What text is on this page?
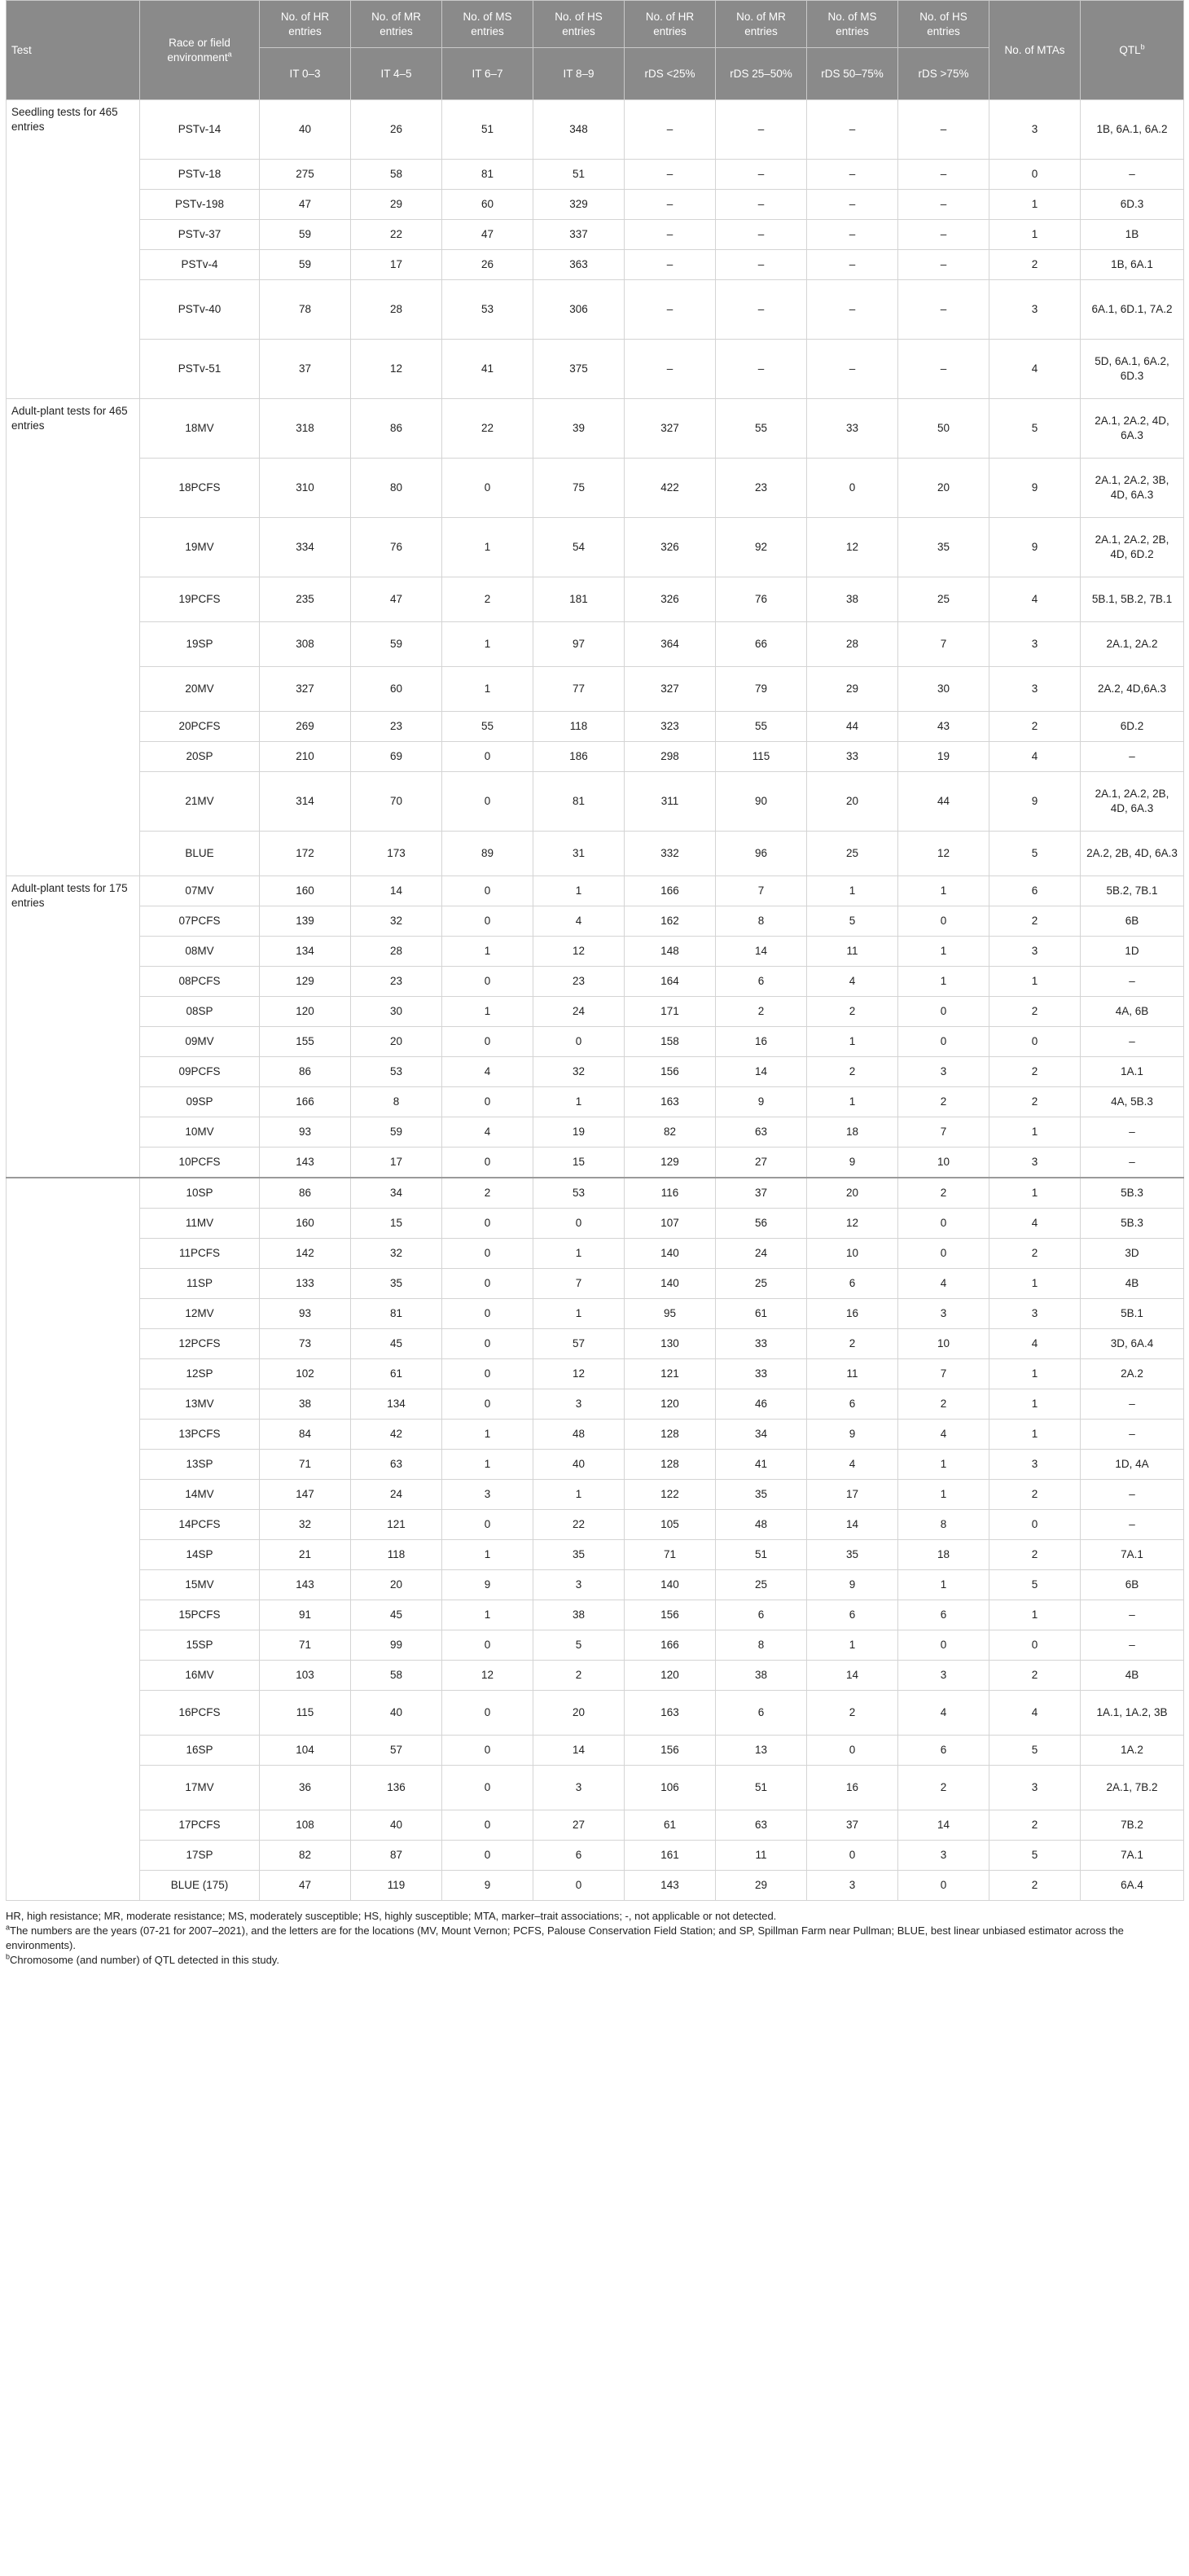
Test	Race or field environment$^a$	No. of HR entries	No. of MR entries	No. of MS entries	No. of HS entries	No. of HR entries	No. of MR entries	No. of MS entries	No. of HS entries	No. of MTAs	QTL$^b$
		IT 0–3	IT 4–5	IT 6–7	IT 8–9	rDS <25%	rDS 25–50%	rDS 50–75%	rDS >75%		
Seedling tests for 465 entries	PSTv-14	40	26	51	348	–	–	–	–	3	1B, 6A.1, 6A.2
	PSTv-18	275	58	81	51	–	–	–	–	0	–
	PSTv-198	47	29	60	329	–	–	–	–	1	6D.3
	PSTv-37	59	22	47	337	–	–	–	–	1	1B
	PSTv-4	59	17	26	363	–	–	–	–	2	1B, 6A.1
	PSTv-40	78	28	53	306	–	–	–	–	3	6A.1, 6D.1, 7A.2
	PSTv-51	37	12	41	375	–	–	–	–	4	5D, 6A.1, 6A.2, 6D.3
Adult-plant tests for 465 entries	18MV	318	86	22	39	327	55	33	50	5	2A.1, 2A.2, 4D, 6A.3
	18PCFS	310	80	0	75	422	23	0	20	9	2A.1, 2A.2, 3B, 4D, 6A.3
	19MV	334	76	1	54	326	92	12	35	9	2A.1, 2A.2, 2B, 4D, 6D.2
	19PCFS	235	47	2	181	326	76	38	25	4	5B.1, 5B.2, 7B.1
	19SP	308	59	1	97	364	66	28	7	3	2A.1, 2A.2
	20MV	327	60	1	77	327	79	29	30	3	2A.2, 4D,6A.3
	20PCFS	269	23	55	118	323	55	44	43	2	6D.2
	20SP	210	69	0	186	298	115	33	19	4	–
	21MV	314	70	0	81	311	90	20	44	9	2A.1, 2A.2, 2B, 4D, 6A.3
	BLUE	172	173	89	31	332	96	25	12	5	2A.2, 2B, 4D, 6A.3
Adult-plant tests for 175 entries	07MV	160	14	0	1	166	7	1	1	6	5B.2, 7B.1
	07PCFS	139	32	0	4	162	8	5	0	2	6B
	08MV	134	28	1	12	148	14	11	1	3	1D
	08PCFS	129	23	0	23	164	6	4	1	1	–
	08SP	120	30	1	24	171	2	2	0	2	4A, 6B
	09MV	155	20	0	0	158	16	1	0	0	–
	09PCFS	86	53	4	32	156	14	2	3	2	1A.1
	09SP	166	8	0	1	163	9	1	2	2	4A, 5B.3
	10MV	93	59	4	19	82	63	18	7	1	–
	10PCFS	143	17	0	15	129	27	9	10	3	–
	10SP	86	34	2	53	116	37	20	2	1	5B.3
	11MV	160	15	0	0	107	56	12	0	4	5B.3
	11PCFS	142	32	0	1	140	24	10	0	2	3D
	11SP	133	35	0	7	140	25	6	4	1	4B
	12MV	93	81	0	1	95	61	16	3	3	5B.1
	12PCFS	73	45	0	57	130	33	2	10	4	3D, 6A.4
	12SP	102	61	0	12	121	33	11	7	1	2A.2
	13MV	38	134	0	3	120	46	6	2	1	–
	13PCFS	84	42	1	48	128	34	9	4	1	–
	13SP	71	63	1	40	128	41	4	1	3	1D, 4A
	14MV	147	24	3	1	122	35	17	1	2	–
	14PCFS	32	121	0	22	105	48	14	8	0	–
	14SP	21	118	1	35	71	51	35	18	2	7A.1
	15MV	143	20	9	3	140	25	9	1	5	6B
	15PCFS	91	45	1	38	156	6	6	6	1	–
	15SP	71	99	0	5	166	8	1	0	0	–
	16MV	103	58	12	2	120	38	14	3	2	4B
	16PCFS	115	40	0	20	163	6	2	4	4	1A.1, 1A.2, 3B
	16SP	104	57	0	14	156	13	0	6	5	1A.2
	17MV	36	136	0	3	106	51	16	2	3	2A.1, 7B.2
	17PCFS	108	40	0	27	61	63	37	14	2	7B.2
	17SP	82	87	0	6	161	11	0	3	5	7A.1
	BLUE (175)	47	119	9	0	143	29	3	0	2	6A.4

HR, high resistance; MR, moderate resistance; MS, moderately susceptible; HS, highly susceptible; MTA, marker–trait associations; -, not applicable or not detected.

$^a$The numbers are the years (07-21 for 2007–2021), and the letters are for the locations (MV, Mount Vernon; PCFS, Palouse Conservation Field Station; and SP, Spillman Farm near Pullman; BLUE, best linear unbiased estimator across the environments).

$^b$Chromosome (and number) of QTL detected in this study.
